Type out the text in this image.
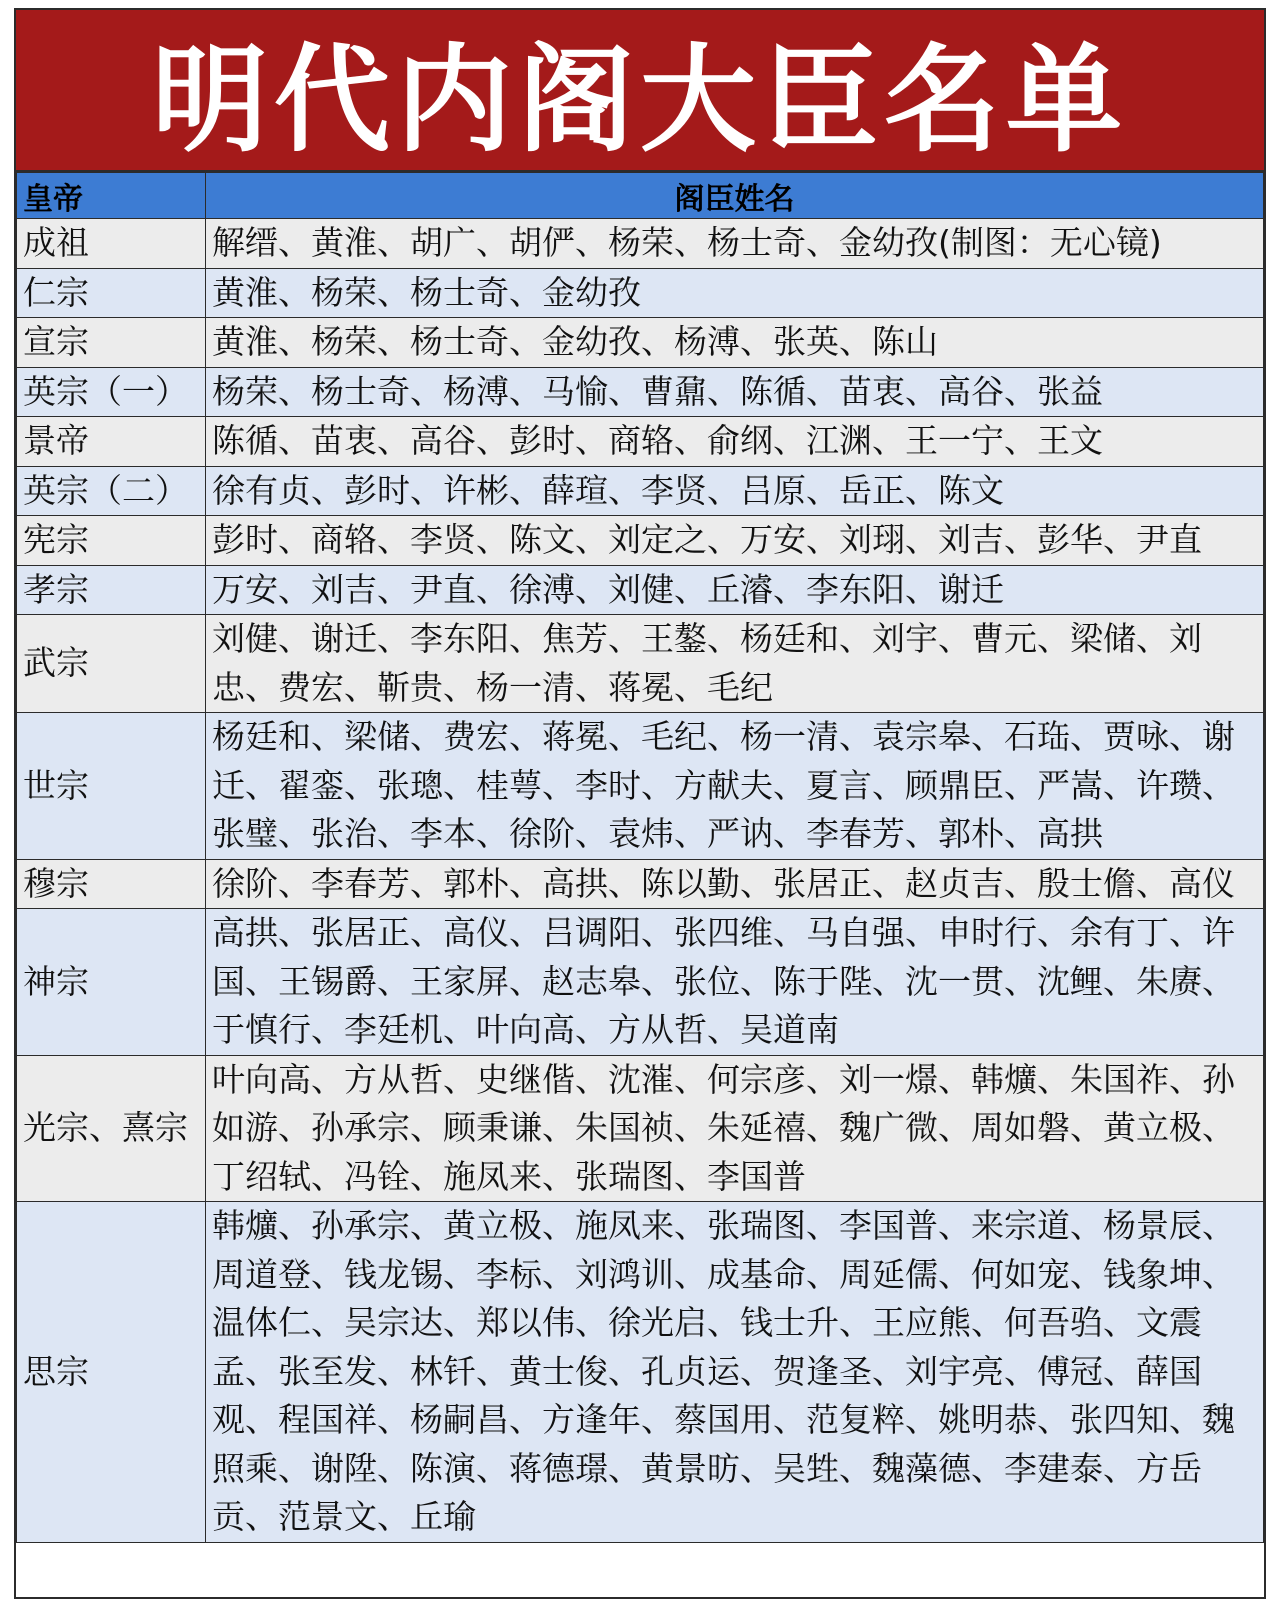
明代内阁大臣名单
皇帝	阁臣姓名
成祖	解缙、黄淮、胡广、胡俨、杨荣、杨士奇、金幼孜(制图：无心镜)
仁宗	黄淮、杨荣、杨士奇、金幼孜
宣宗	黄淮、杨荣、杨士奇、金幼孜、杨溥、张英、陈山
英宗（一）	杨荣、杨士奇、杨溥、马愉、曹鼐、陈循、苗衷、高谷、张益
景帝	陈循、苗衷、高谷、彭时、商辂、俞纲、江渊、王一宁、王文
英宗（二）	徐有贞、彭时、许彬、薛瑄、李贤、吕原、岳正、陈文
宪宗	彭时、商辂、李贤、陈文、刘定之、万安、刘珝、刘吉、彭华、尹直
孝宗	万安、刘吉、尹直、徐溥、刘健、丘濬、李东阳、谢迁
武宗	刘健、谢迁、李东阳、焦芳、王鏊、杨廷和、刘宇、曹元、梁储、刘忠、费宏、靳贵、杨一清、蒋冕、毛纪
世宗	杨廷和、梁储、费宏、蒋冕、毛纪、杨一清、袁宗皋、石珤、贾咏、谢迁、翟銮、张璁、桂萼、李时、方献夫、夏言、顾鼎臣、严嵩、许瓒、张璧、张治、李本、徐阶、袁炜、严讷、李春芳、郭朴、高拱
穆宗	徐阶、李春芳、郭朴、高拱、陈以勤、张居正、赵贞吉、殷士儋、高仪
神宗	高拱、张居正、高仪、吕调阳、张四维、马自强、申时行、余有丁、许国、王锡爵、王家屏、赵志皋、张位、陈于陛、沈一贯、沈鲤、朱赓、于慎行、李廷机、叶向高、方从哲、吴道南
光宗、熹宗	叶向高、方从哲、史继偕、沈漼、何宗彦、刘一燝、韩爌、朱国祚、孙如游、孙承宗、顾秉谦、朱国祯、朱延禧、魏广微、周如磐、黄立极、丁绍轼、冯铨、施凤来、张瑞图、李国普
思宗	韩爌、孙承宗、黄立极、施凤来、张瑞图、李国普、来宗道、杨景辰、周道登、钱龙锡、李标、刘鸿训、成基命、周延儒、何如宠、钱象坤、温体仁、吴宗达、郑以伟、徐光启、钱士升、王应熊、何吾驺、文震孟、张至发、林钎、黄士俊、孔贞运、贺逢圣、刘宇亮、傅冠、薛国观、程国祥、杨嗣昌、方逢年、蔡国用、范复粹、姚明恭、张四知、魏照乘、谢陞、陈演、蒋德璟、黄景昉、吴甡、魏藻德、李建泰、方岳贡、范景文、丘瑜
